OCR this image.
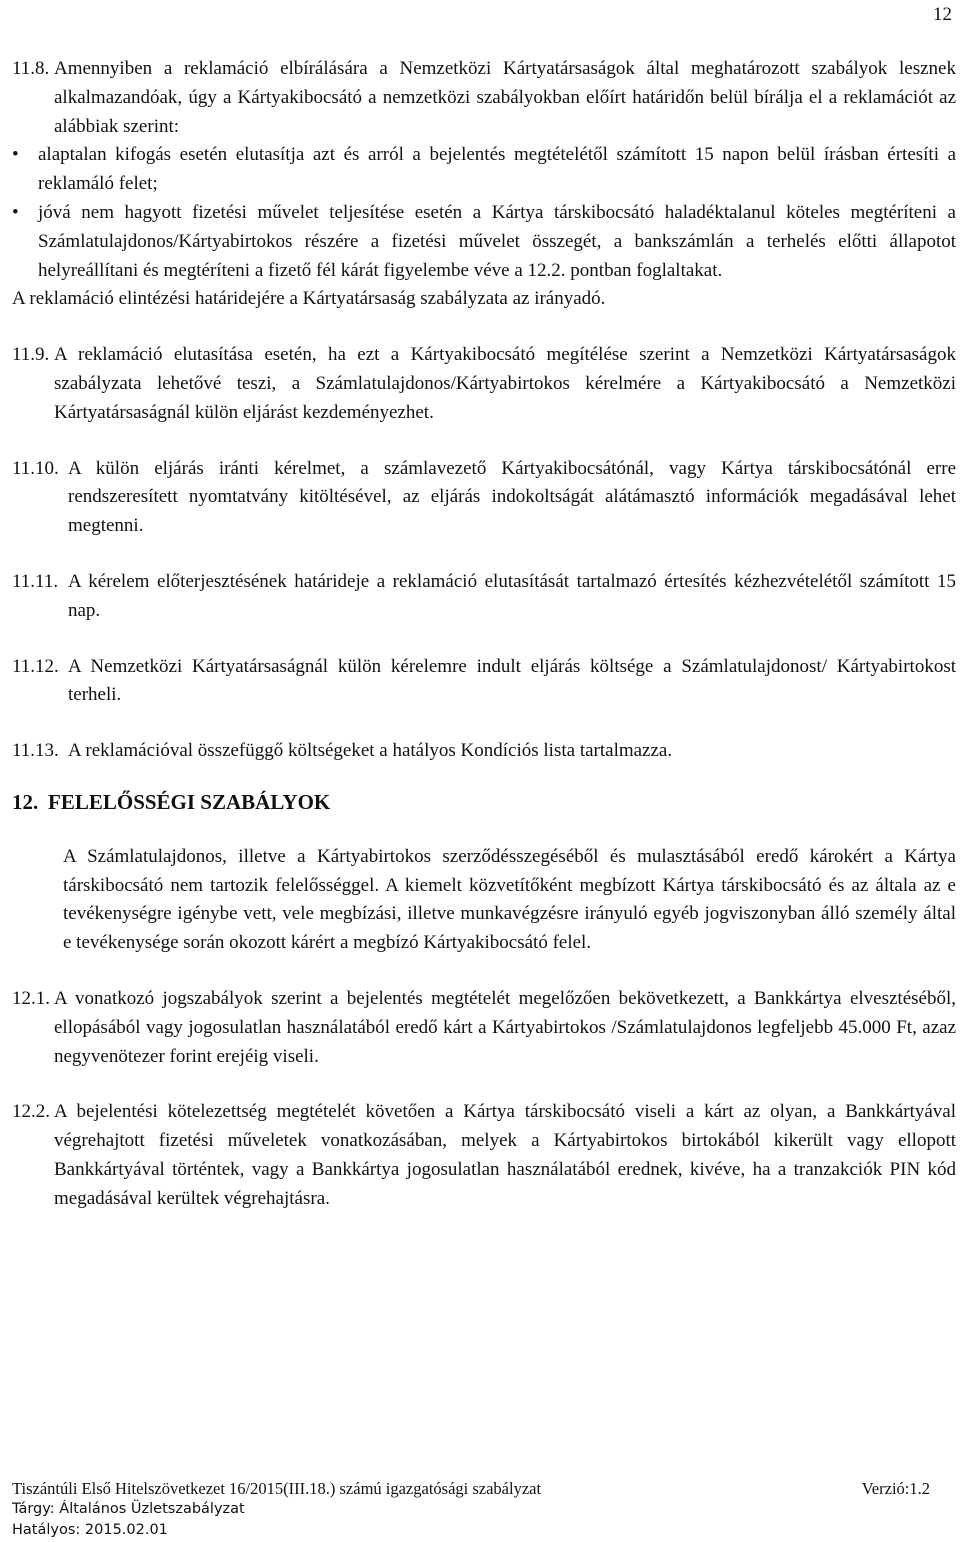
12
11.8. Amennyiben a reklamáció elbírálására a Nemzetközi Kártyatársaságok által meghatározott szabályok lesznek alkalmazandóak, úgy a Kártyakibocsátó a nemzetközi szabályokban előírt határidőn belül bírálja el a reklamációt az alábbiak szerint:

•	alaptalan kifogás esetén elutasítja azt és arról a bejelentés megtételétől számított 15 napon belül írásban értesíti a reklamáló felet;

•	jóvá nem hagyott fizetési művelet teljesítése esetén a Kártya társkibocsátó haladéktalanul köteles megtéríteni a Számlatulajdonos/Kártyabirtokos részére a fizetési művelet összegét, a bankszámlán a terhelés előtti állapotot helyreállítani és megtéríteni a fizető fél kárát figyelembe véve a 12.2. pontban foglaltakat.

A reklamáció elintézési határidejére a Kártyatársaság szabályzata az irányadó.

11.9. A reklamáció elutasítása esetén, ha ezt a Kártyakibocsátó megítélése szerint a Nemzetközi Kártyatársaságok szabályzata lehetővé teszi, a Számlatulajdonos/Kártyabirtokos kérelmére a Kártyakibocsátó a Nemzetközi Kártyatársaságnál külön eljárást kezdeményezhet.

11.10. A külön eljárás iránti kérelmet, a számlavezető Kártyakibocsátónál, vagy Kártya társkibocsátónál erre rendszeresített nyomtatvány kitöltésével, az eljárás indokoltságát alátámasztó információk megadásával lehet megtenni.

11.11. A kérelem előterjesztésének határideje a reklamáció elutasítását tartalmazó értesítés kézhezvételétől számított 15 nap.

11.12. A Nemzetközi Kártyatársaságnál külön kérelemre indult eljárás költsége a Számlatulajdonost/ Kártyabirtokost terheli.

11.13. A reklamációval összefüggő költségeket a hatályos Kondíciós lista tartalmazza.

12. FELELŐSSÉGI SZABÁLYOK

A Számlatulajdonos, illetve a Kártyabirtokos szerződésszegéséből és mulasztásából eredő károkért a Kártya társkibocsátó nem tartozik felelősséggel. A kiemelt közvetítőként megbízott Kártya társkibocsátó és az általa az e tevékenységre igénybe vett, vele megbízási, illetve munkavégzésre irányuló egyéb jogviszonyban álló személy által e tevékenysége során okozott kárért a megbízó Kártyakibocsátó felel.

12.1. A vonatkozó jogszabályok szerint a bejelentés megtételét megelőzően bekövetkezett, a Bankkártya elvesztéséből, ellopásából vagy jogosulatlan használatából eredő kárt a Kártyabirtokos /Számlatulajdonos legfeljebb 45.000 Ft, azaz negyvenötezer forint erejéig viseli.

12.2. A bejelentési kötelezettség megtételét követően a Kártya társkibocsátó viseli a kárt az olyan, a Bankkártyával végrehajtott fizetési műveletek vonatkozásában, melyek a Kártyabirtokos birtokából kikerült vagy ellopott Bankkártyával történtek, vagy a Bankkártya jogosulatlan használatából erednek, kivéve, ha a tranzakciók PIN kód megadásával kerültek végrehajtásra.

Tiszántúli Első Hitelszövetkezet 16/2015(III.18.) számú igazgatósági szabályzat	Verzió:1.2
Tárgy: Általános Üzletszabályzat
Hatályos: 2015.02.01
